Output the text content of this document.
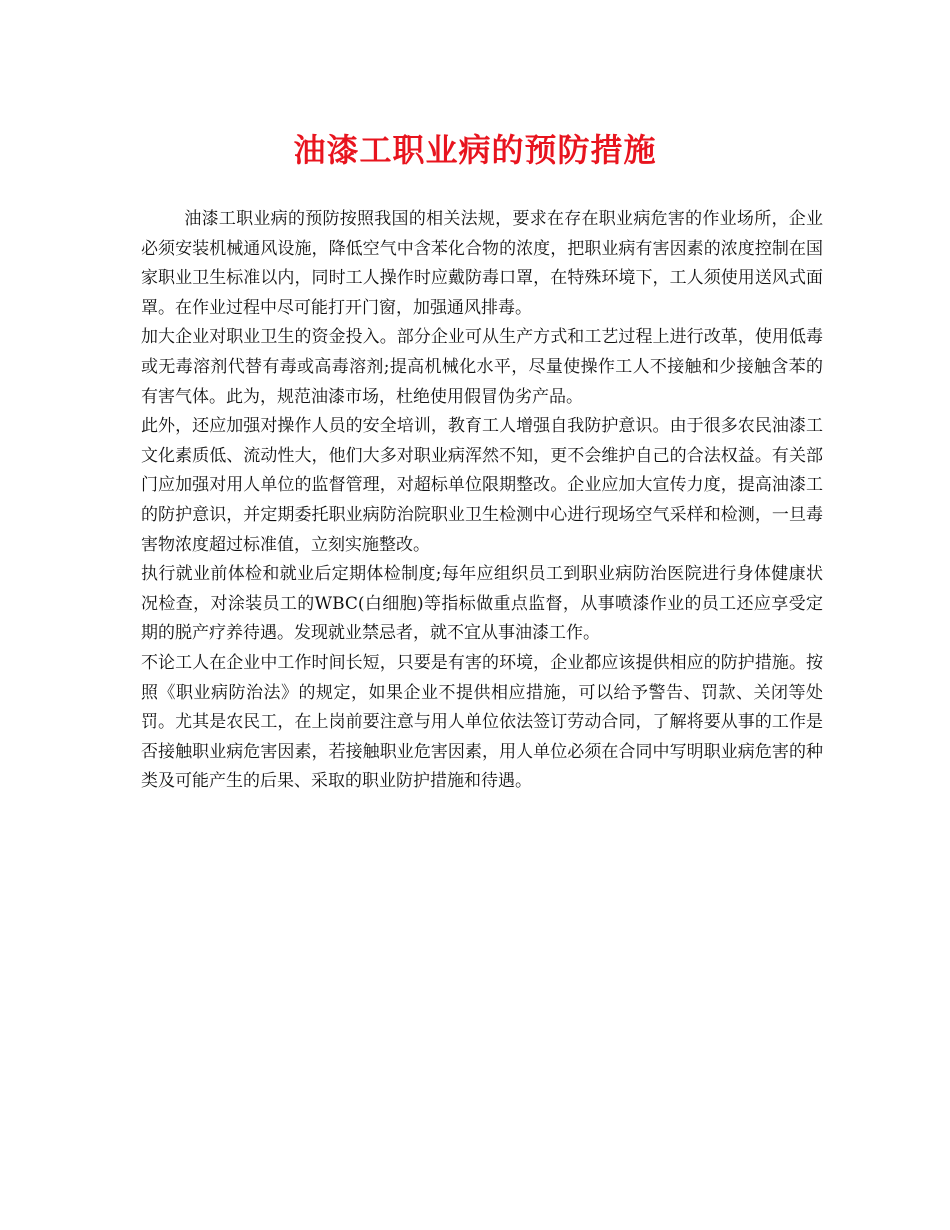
油漆工职业病的预防措施

油漆工职业病的预防按照我国的相关法规，要求在存在职业病危害的作业场所，企业必须安装机械通风设施，降低空气中含苯化合物的浓度，把职业病有害因素的浓度控制在国家职业卫生标准以内，同时工人操作时应戴防毒口罩，在特殊环境下，工人须使用送风式面罩。在作业过程中尽可能打开门窗，加强通风排毒。

加大企业对职业卫生的资金投入。部分企业可从生产方式和工艺过程上进行改革，使用低毒或无毒溶剂代替有毒或高毒溶剂;提高机械化水平，尽量使操作工人不接触和少接触含苯的有害气体。此为，规范油漆市场，杜绝使用假冒伪劣产品。

此外，还应加强对操作人员的安全培训，教育工人增强自我防护意识。由于很多农民油漆工文化素质低、流动性大，他们大多对职业病浑然不知，更不会维护自己的合法权益。有关部门应加强对用人单位的监督管理，对超标单位限期整改。企业应加大宣传力度，提高油漆工的防护意识，并定期委托职业病防治院职业卫生检测中心进行现场空气采样和检测，一旦毒害物浓度超过标准值，立刻实施整改。

执行就业前体检和就业后定期体检制度;每年应组织员工到职业病防治医院进行身体健康状况检查，对涂装员工的WBC(白细胞)等指标做重点监督，从事喷漆作业的员工还应享受定期的脱产疗养待遇。发现就业禁忌者，就不宜从事油漆工作。

不论工人在企业中工作时间长短，只要是有害的环境，企业都应该提供相应的防护措施。按照《职业病防治法》的规定，如果企业不提供相应措施，可以给予警告、罚款、关闭等处罚。尤其是农民工，在上岗前要注意与用人单位依法签订劳动合同，了解将要从事的工作是否接触职业病危害因素，若接触职业危害因素，用人单位必须在合同中写明职业病危害的种类及可能产生的后果、采取的职业防护措施和待遇。
